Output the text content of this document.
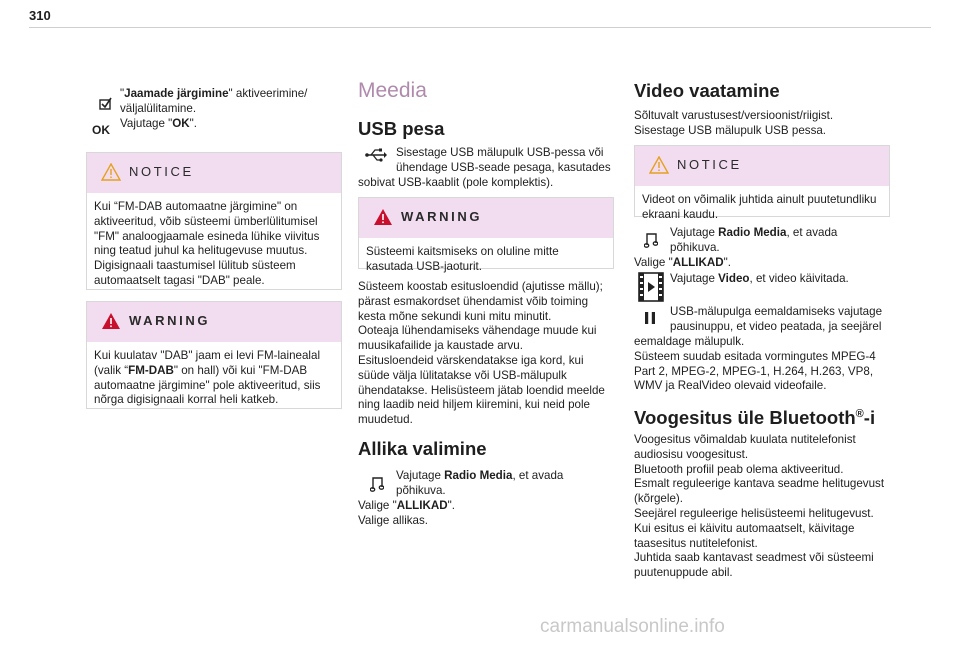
310
OK
"Jaamade järgimine" aktiveerimine/
väljalülitamine.
Vajutage "OK".
NOTICE
Kui “FM-DAB automaatne järgimine" on
aktiveeritud, võib süsteemi ümberlülitumisel
"FM" analoogjaamale esineda lühike viivitus
ning teatud juhul ka helitugevuse muutus.
Digisignaali taastumisel lülitub süsteem
automaatselt tagasi "DAB" peale.
WARNING
Kui kuulatav "DAB" jaam ei levi FM-lainealal
(valik “FM-DAB" on hall) või kui "FM-DAB
automaatne järgimine" pole aktiveeritud, siis
nõrga digisignaali korral heli katkeb.
Meedia
USB pesa
Sisestage USB mälupulk USB-pessa või
ühendage USB-seade pesaga, kasutades
sobivat USB-kaablit (pole komplektis).
WARNING
Süsteemi kaitsmiseks on oluline mitte
kasutada USB-jaoturit.
Süsteem koostab esitusloendid (ajutisse mällu);
pärast esmakordset ühendamist võib toiming
kesta mõne sekundi kuni mitu minutit.
Ooteaja lühendamiseks vähendage muude kui
muusikafailide ja kaustade arvu.
Esitusloendeid värskendatakse iga kord, kui
süüde välja lülitatakse või USB-mälupulk
ühendatakse. Helisüsteem jätab loendid meelde
ning laadib neid hiljem kiiremini, kui neid pole
muudetud.
Allika valimine
Vajutage Radio Media, et avada
põhikuva.
Valige "ALLIKAD".
Valige allikas.
Video vaatamine
Sõltuvalt varustusest/versioonist/riigist.
Sisestage USB mälupulk USB pessa.
NOTICE
Videot on võimalik juhtida ainult puutetundliku
ekraani kaudu.
Vajutage Radio Media, et avada
põhikuva.
Valige "ALLIKAD".
Vajutage Video, et video käivitada.
USB-mälupulga eemaldamiseks vajutage
pausinuppu, et video peatada, ja seejärel
eemaldage mälupulk.
Süsteem suudab esitada vormingutes MPEG-4
Part 2, MPEG-2, MPEG-1, H.264, H.263, VP8,
WMV ja RealVideo olevaid videofaile.
Voogesitus üle Bluetooth®-i
Voogesitus võimaldab kuulata nutitelefonist
audiosisu voogesitust.
Bluetooth profiil peab olema aktiveeritud.
Esmalt reguleerige kantava seadme helitugevust
(kõrgele).
Seejärel reguleerige helisüsteemi helitugevust.
Kui esitus ei käivitu automaatselt, käivitage
taasesitus nutitelefonist.
Juhtida saab kantavast seadmest või süsteemi
puutenuppude abil.
carmanualsonline.info
